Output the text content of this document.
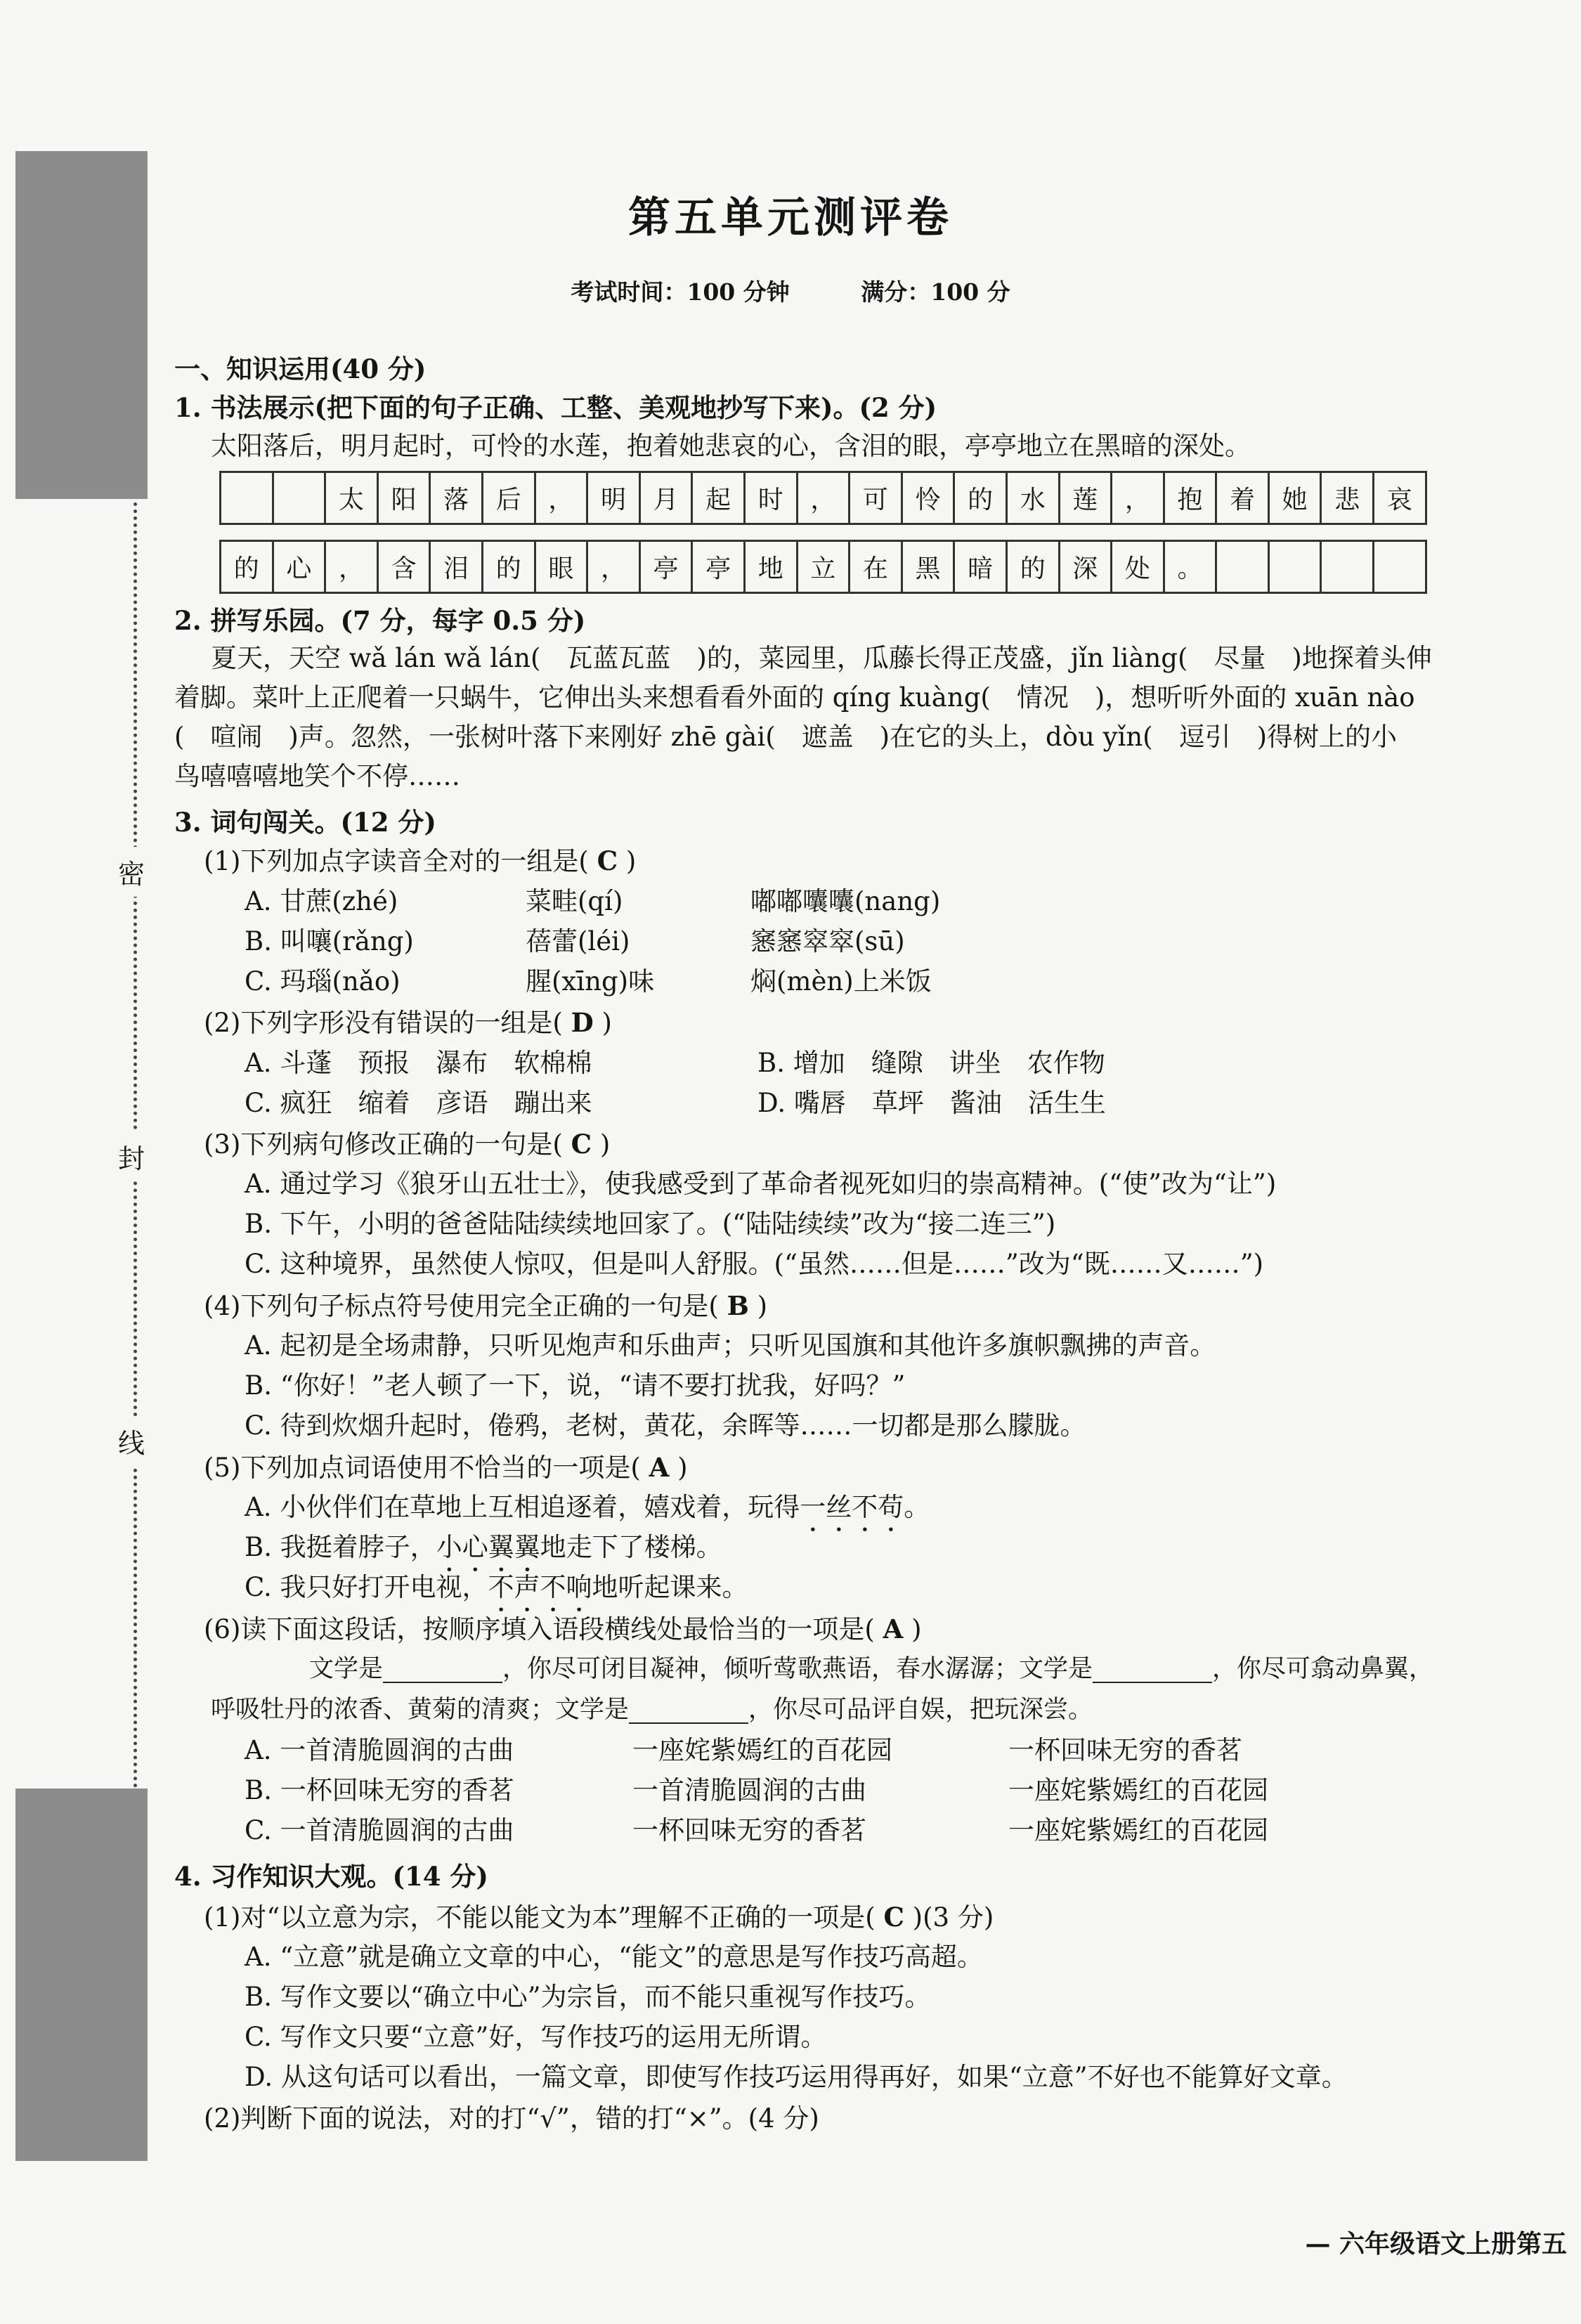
密
封
线
第五单元测评卷
考试时间：100 分钟	满分：100 分
一、知识运用(40 分)
1. 书法展示(把下面的句子正确、工整、美观地抄写下来)。(2 分)
太阳落后，明月起时，可怜的水莲，抱着她悲哀的心，含泪的眼，亭亭地立在黑暗的深处。
太	阳	落	后	，	明	月	起	时	，	可	怜	的	水	莲	，	抱	着	她	悲	哀
的	心	，	含	泪	的	眼	，	亭	亭	地	立	在	黑	暗	的	深	处	。
2. 拼写乐园。(7 分，每字 0.5 分)
夏天，天空 wǎ lán wǎ lán(　瓦蓝瓦蓝　)的，菜园里，瓜藤长得正茂盛，jǐn liàng(　尽量　)地探着头伸
着脚。菜叶上正爬着一只蜗牛，它伸出头来想看看外面的 qíng kuàng(　情况　)，想听听外面的 xuān nào
(　喧闹　)声。忽然，一张树叶落下来刚好 zhē gài(　遮盖　)在它的头上，dòu yǐn(　逗引　)得树上的小
鸟嘻嘻嘻地笑个不停……
3. 词句闯关。(12 分)
(1)下列加点字读音全对的一组是( C )
A. 甘蔗(zhé)	菜畦(qí)	嘟嘟囔囔(nang)
B. 叫嚷(rǎng)	蓓蕾(léi)	窸窸窣窣(sū)
C. 玛瑙(nǎo)	腥(xīng)味	焖(mèn)上米饭
(2)下列字形没有错误的一组是( D )
A. 斗蓬　预报　瀑布　软棉棉	B. 增加　缝隙　讲坐　农作物
C. 疯狂　缩着　彦语　蹦出来	D. 嘴唇　草坪　酱油　活生生
(3)下列病句修改正确的一句是( C )
A. 通过学习《狼牙山五壮士》，使我感受到了革命者视死如归的崇高精神。(“使”改为“让”)
B. 下午，小明的爸爸陆陆续续地回家了。(“陆陆续续”改为“接二连三”)
C. 这种境界，虽然使人惊叹，但是叫人舒服。(“虽然……但是……”改为“既……又……”)
(4)下列句子标点符号使用完全正确的一句是( B )
A. 起初是全场肃静，只听见炮声和乐曲声；只听见国旗和其他许多旗帜飘拂的声音。
B. “你好！”老人顿了一下，说，“请不要打扰我，好吗？”
C. 待到炊烟升起时，倦鸦，老树，黄花，余晖等……一切都是那么朦胧。
(5)下列加点词语使用不恰当的一项是( A )
A. 小伙伴们在草地上互相追逐着，嬉戏着，玩得一丝不苟。
B. 我挺着脖子，小心翼翼地走下了楼梯。
C. 我只好打开电视，不声不响地听起课来。
(6)读下面这段话，按顺序填入语段横线处最恰当的一项是( A )
文学是	，你尽可闭目凝神，倾听莺歌燕语，春水潺潺；文学是	，你尽可翕动鼻翼，
呼吸牡丹的浓香、黄菊的清爽；文学是	，你尽可品评自娱，把玩深尝。
A. 一首清脆圆润的古曲	一座姹紫嫣红的百花园	一杯回味无穷的香茗
B. 一杯回味无穷的香茗	一首清脆圆润的古曲	一座姹紫嫣红的百花园
C. 一首清脆圆润的古曲	一杯回味无穷的香茗	一座姹紫嫣红的百花园
4. 习作知识大观。(14 分)
(1)对“以立意为宗，不能以能文为本”理解不正确的一项是( C )(3 分)
A. “立意”就是确立文章的中心，“能文”的意思是写作技巧高超。
B. 写作文要以“确立中心”为宗旨，而不能只重视写作技巧。
C. 写作文只要“立意”好，写作技巧的运用无所谓。
D. 从这句话可以看出，一篇文章，即使写作技巧运用得再好，如果“立意”不好也不能算好文章。
(2)判断下面的说法，对的打“√”，错的打“×”。(4 分)
— 六年级语文上册第五
